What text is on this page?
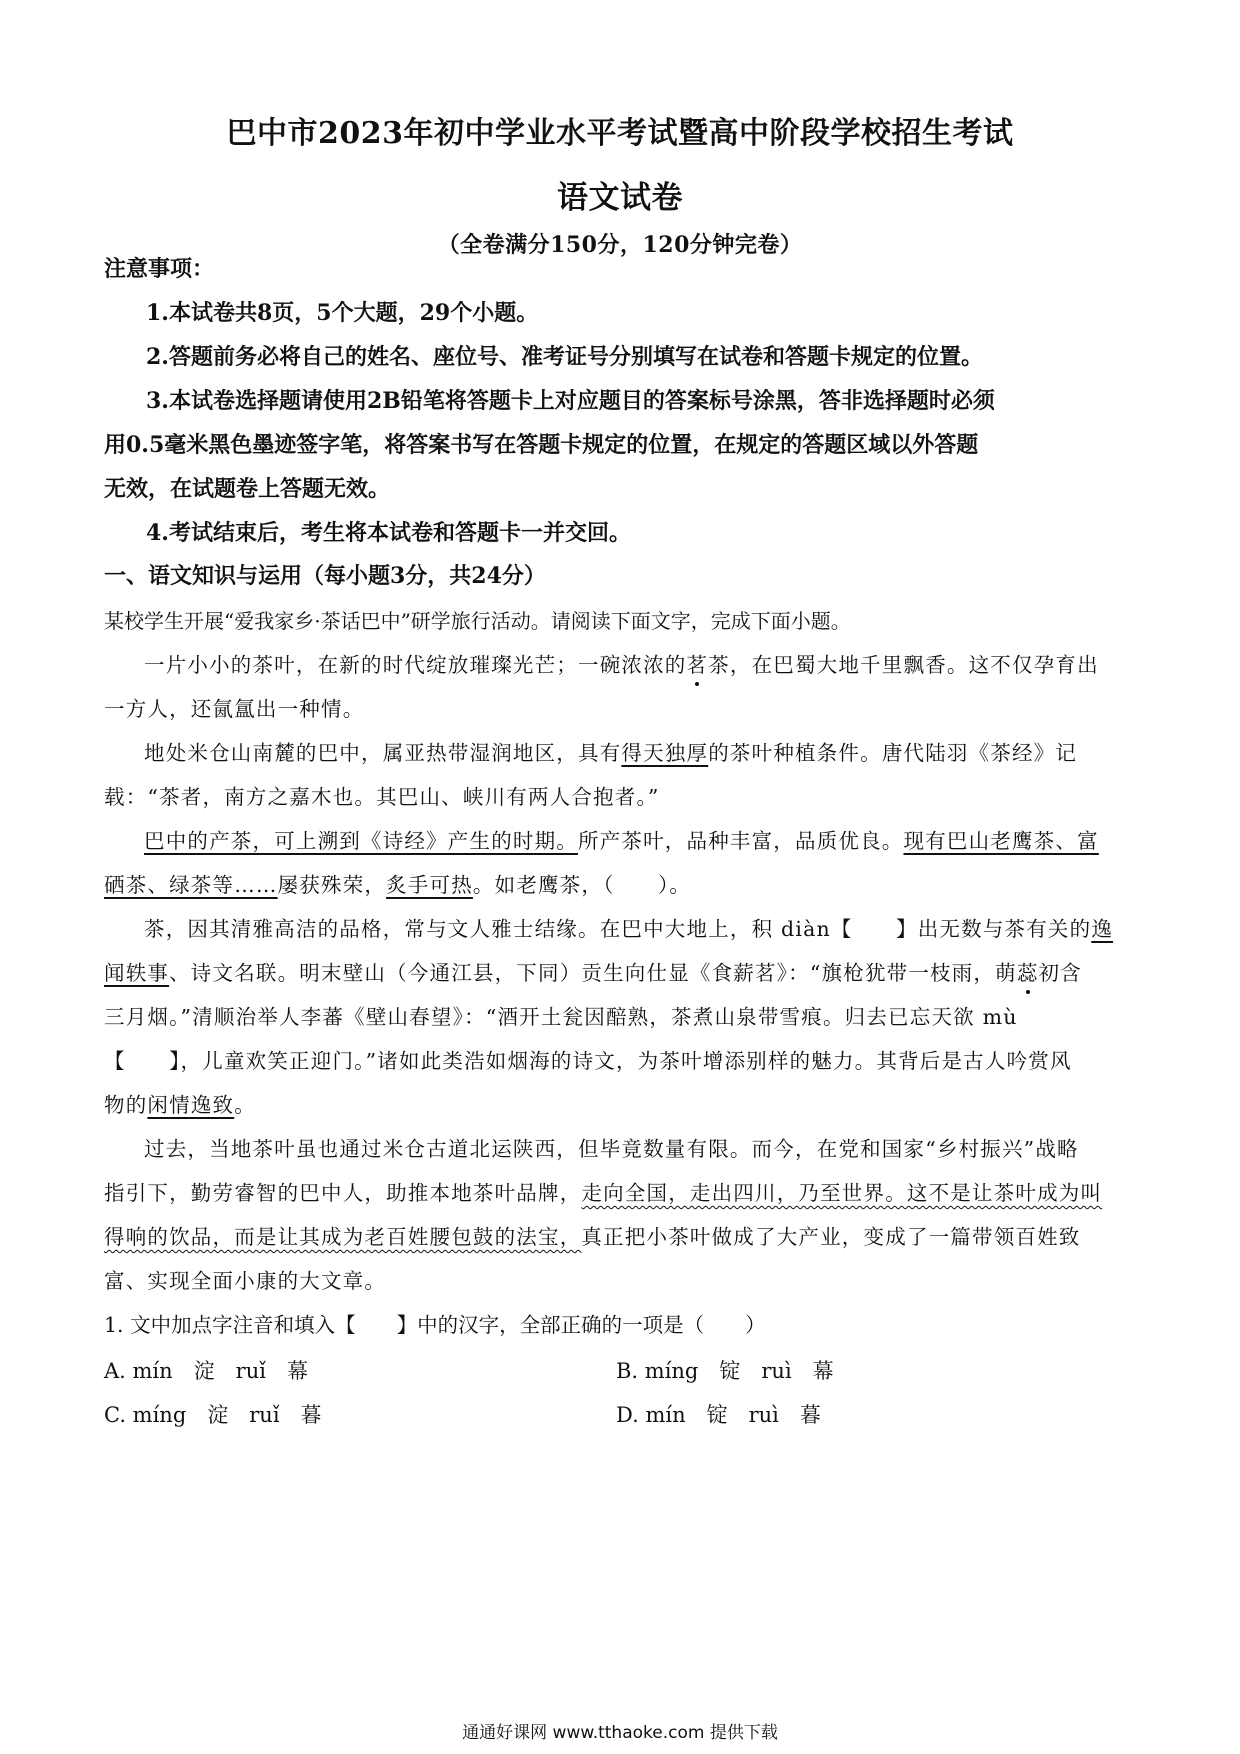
巴中市2023年初中学业水平考试暨高中阶段学校招生考试
语文试卷
（全卷满分150分，120分钟完卷）
注意事项：
1.本试卷共8页，5个大题，29个小题。
2.答题前务必将自己的姓名、座位号、准考证号分别填写在试卷和答题卡规定的位置。
3.本试卷选择题请使用2B铅笔将答题卡上对应题目的答案标号涂黑，答非选择题时必须
用0.5毫米黑色墨迹签字笔，将答案书写在答题卡规定的位置，在规定的答题区域以外答题
无效，在试题卷上答题无效。
4.考试结束后，考生将本试卷和答题卡一并交回。
一、语文知识与运用（每小题3分，共24分）
某校学生开展“爱我家乡·茶话巴中”研学旅行活动。请阅读下面文字，完成下面小题。
一片小小的茶叶，在新的时代绽放璀璨光芒；一碗浓浓的茗茶，在巴蜀大地千里飘香。这不仅孕育出
一方人，还氤氲出一种情。
地处米仓山南麓的巴中，属亚热带湿润地区，具有得天独厚的茶叶种植条件。唐代陆羽《茶经》记
载：“茶者，南方之嘉木也。其巴山、峡川有两人合抱者。”
巴中的产茶，可上溯到《诗经》产生的时期。所产茶叶，品种丰富，品质优良。现有巴山老鹰茶、富
硒茶、绿茶等……屡获殊荣，炙手可热。如老鹰茶，（　　）。
茶，因其清雅高洁的品格，常与文人雅士结缘。在巴中大地上，积 diàn【　　】出无数与茶有关的逸
闻轶事、诗文名联。明末壁山（今通江县，下同）贡生向仕显《食薪茗》：“旗枪犹带一枝雨，萌蕊初含
三月烟。”清顺治举人李蕃《壁山春望》：“酒开土瓮因醅熟，茶煮山泉带雪痕。归去已忘天欲 mù
【　　】，儿童欢笑正迎门。”诸如此类浩如烟海的诗文，为茶叶增添别样的魅力。其背后是古人吟赏风
物的闲情逸致。
过去，当地茶叶虽也通过米仓古道北运陕西，但毕竟数量有限。而今，在党和国家“乡村振兴”战略
指引下，勤劳睿智的巴中人，助推本地茶叶品牌，走向全国，走出四川，乃至世界。这不是让茶叶成为叫
得响的饮品，而是让其成为老百姓腰包鼓的法宝，真正把小茶叶做成了大产业，变成了一篇带领百姓致
富、实现全面小康的大文章。
1. 文中加点字注音和填入【　　】中的汉字，全部正确的一项是（　　）
A. mín　淀　ruǐ　幕	B. míng　锭　ruì　幕
C. míng　淀　ruǐ　暮	D. mín　锭　ruì　暮
通通好课网 www.tthaoke.com 提供下载
